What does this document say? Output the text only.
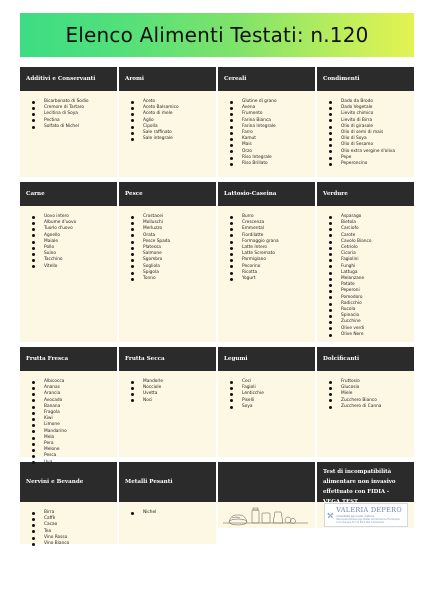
Elenco Alimenti Testati: n.120
Additivi e Conservanti
Bicarbonato di Sodio
Cremore di Tartaro
Lecitina di Soya
Pectina
Solfato di Nichel
Aromi
Aceto
Aceto Balsamico
Aceto di mele
Aglio
Cipolla
Sale raffinato
Sale integrale
Cereali
Glutine di grano
Avena
Frumento
Farina Bianca
Farina Integrale
Farro
Kamut
Mais
Orzo
Riso Integrale
Riso Brillato
Condimenti
Dado da Brodo
Dado Vegetale
Lievito chimico
Lievito di Birra
Olio di girasole
Olio di semi di mais
Olio di Soya
Olio di Sesamo
Olio extra vergine d'oliva
Pepe
Peperoncino
Carne
Uovo intero
Albume d'uovo
Tuorlo d'uovo
Agnello
Maiale
Pollo
Suino
Tacchino
Vitello
Pesce
Crostacei
Molluschi
Merluzzo
Orata
Pesce Spada
Platessa
Salmone
Sgombro
Sogliola
Spigola
Tonno
Lattosio-Caseina
Burro
Crescenza
Emmental
Fiordilatte
Formaggio grana
Latte Intero
Latte Scremato
Parmigiano
Pecorino
Ricotta
Yogurt
Verdure
Asparago
Bietola
Carciofo
Carote
Cavolo Bianco
Cetriolo
Cicoria
Fagiolini
Funghi
Lattuga
Melanzane
Patate
Peperoni
Pomodoro
Radicchio
Rucola
Spinacio
Zucchine
Olive verdi
Olive Nere
Frutta Fresca
Albicocca
Ananas
Arancia
Avocado
Banana
Fragola
Kiwi
Limone
Mandarino
Mela
Pera
Melone
Pesca
Uva
Frutta Secca
Mandorle
Nocciole
Uvetta
Noci
Legumi
Ceci
Fagioli
Lenticchie
Piselli
Soya
Dolcificanti
Fruttosio
Glucosio
Miele
Zucchero Bianco
Zucchero di Canna
Nervini e Bevande
Birra
Caffè
Cacao
Tea
Vino Rosso
Vino Bianco
Metalli Pesanti
Nichel
Test di incompatibilità alimentare non invasivo effettuato con FIDIA -
VALERIA DEPERO
orientata secondo natura
Naturopata Riflessologa Pilates Alimentazione Floriterapia Cromoterapia Fiori di Bach Test Intolleranze
